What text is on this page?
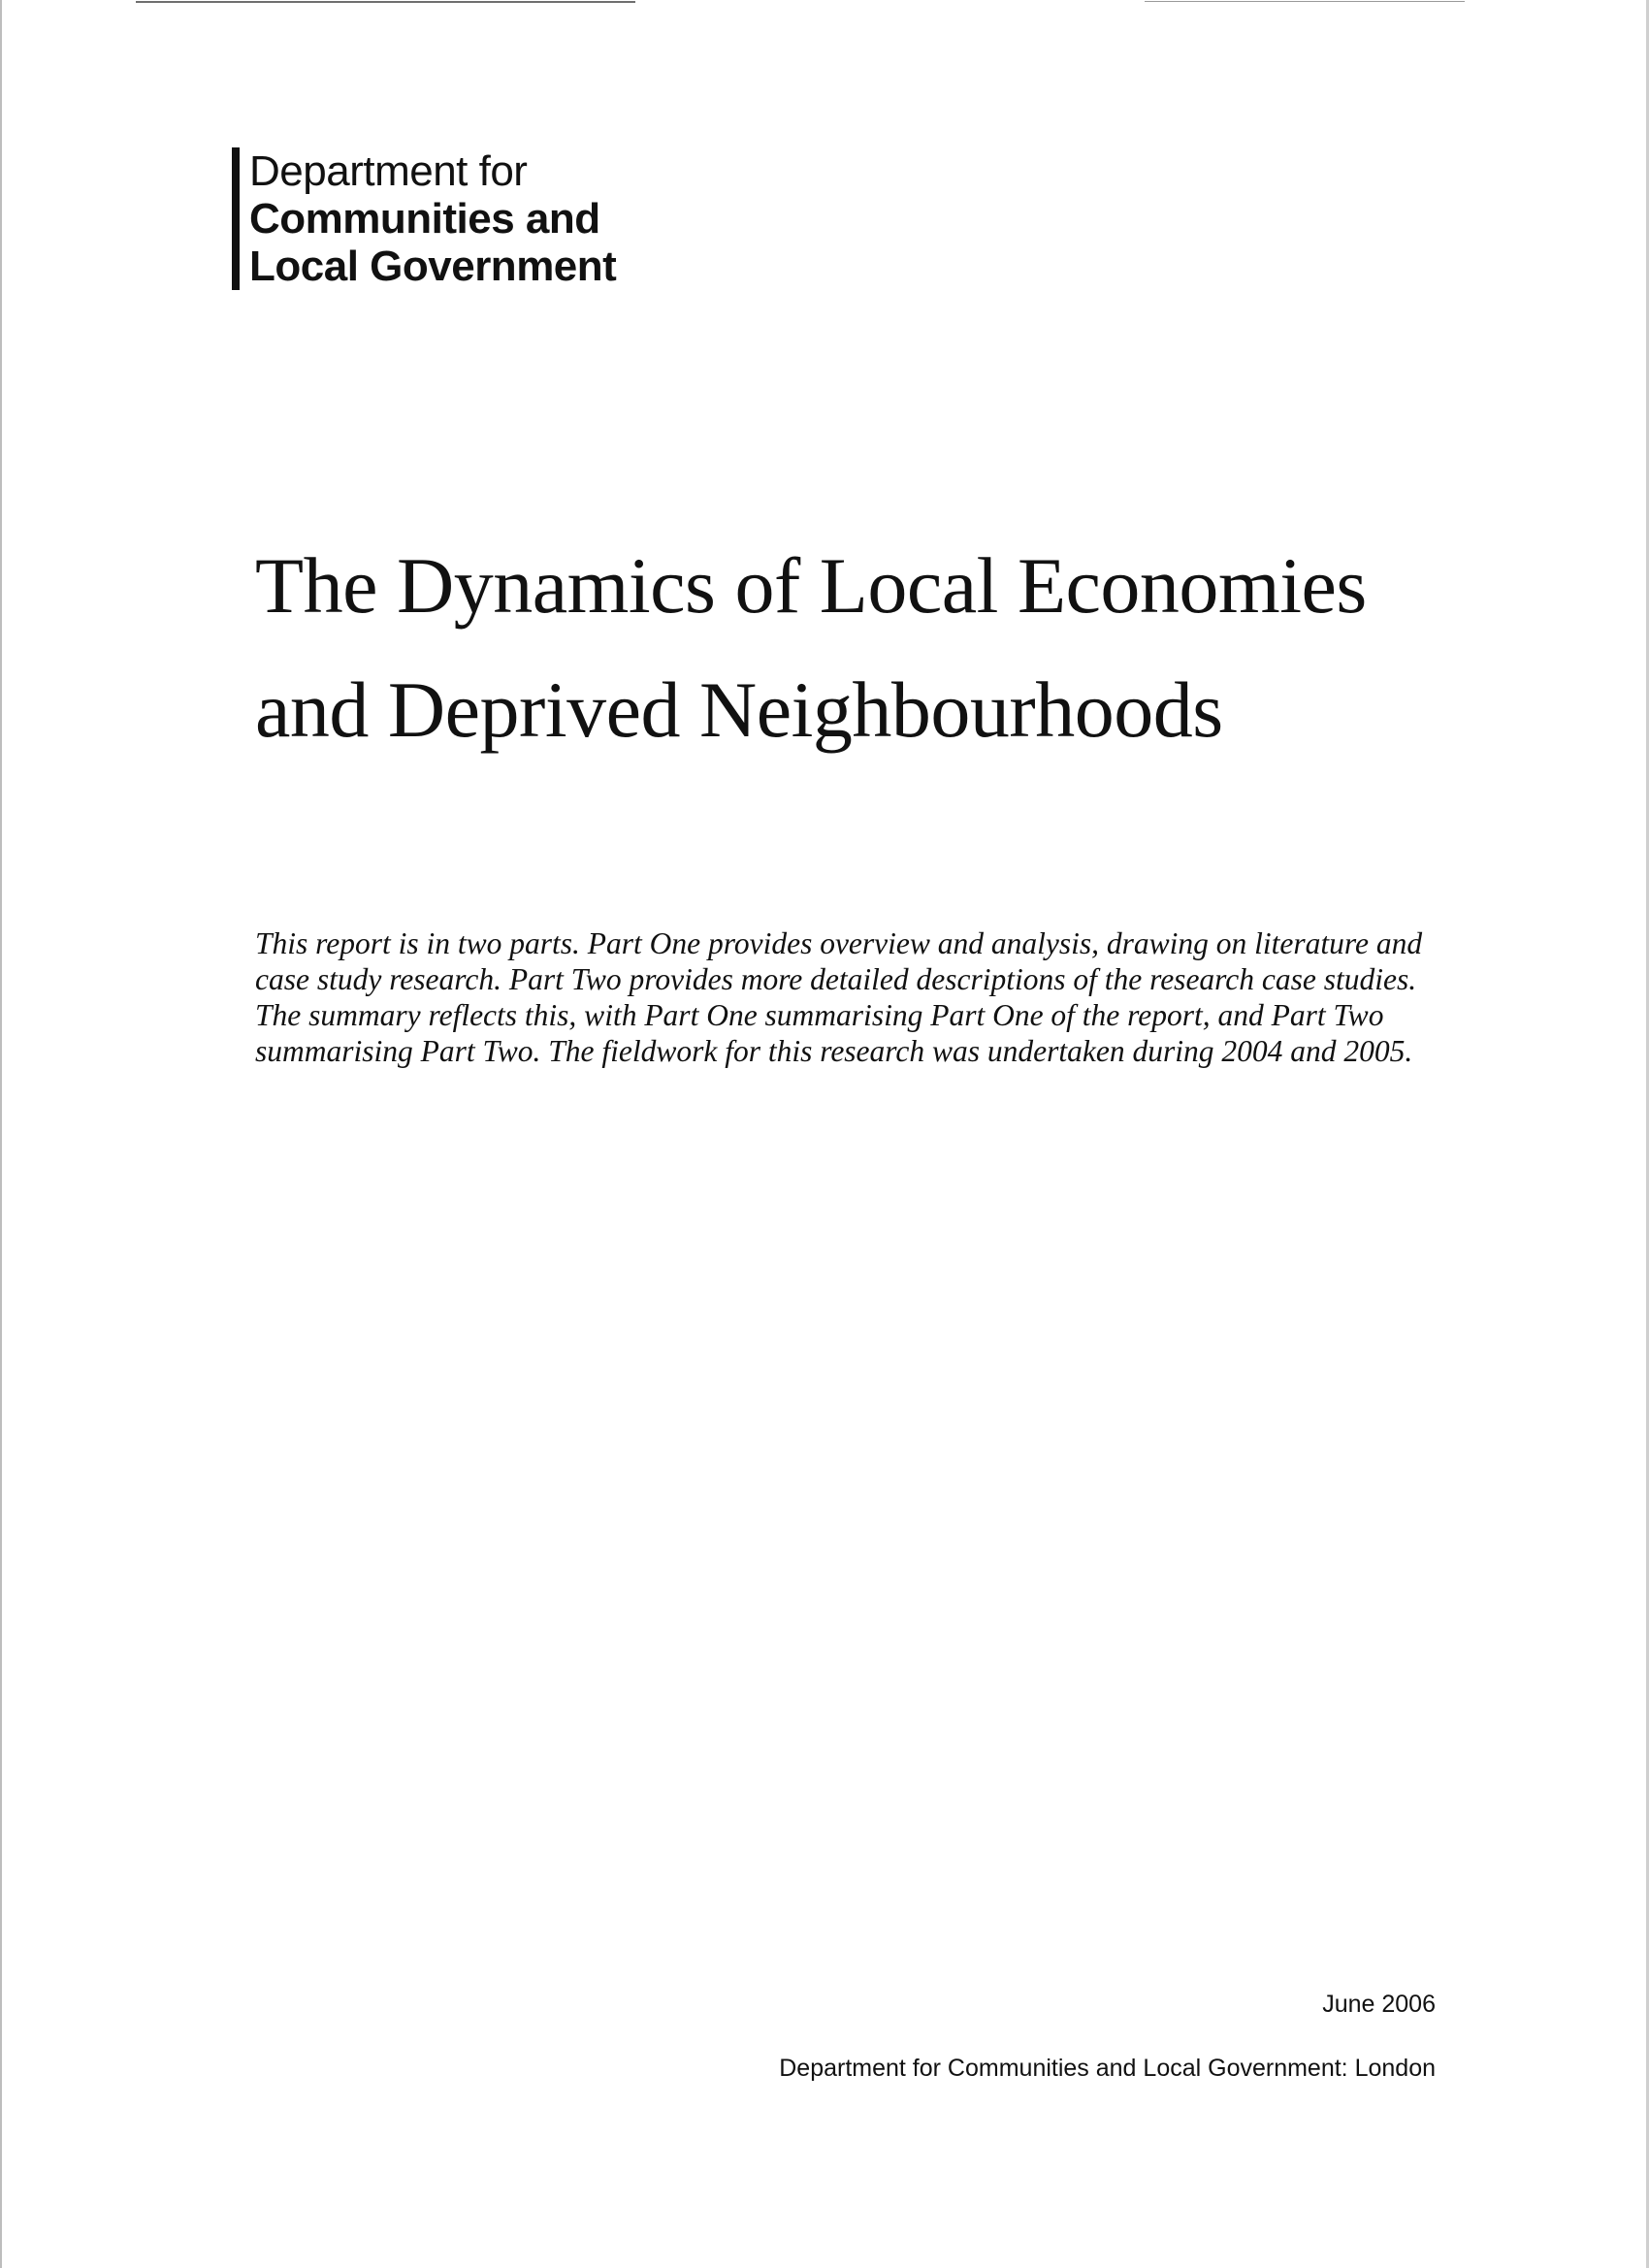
Department for
Communities and
Local Government
The Dynamics of Local Economies
and Deprived Neighbourhoods

This report is in two parts. Part One provides overview and analysis, drawing on literature and case study research. Part Two provides more detailed descriptions of the research case studies. The summary reflects this, with Part One summarising Part One of the report, and Part Two summarising Part Two. The fieldwork for this research was undertaken during 2004 and 2005.

June 2006
Department for Communities and Local Government: London
